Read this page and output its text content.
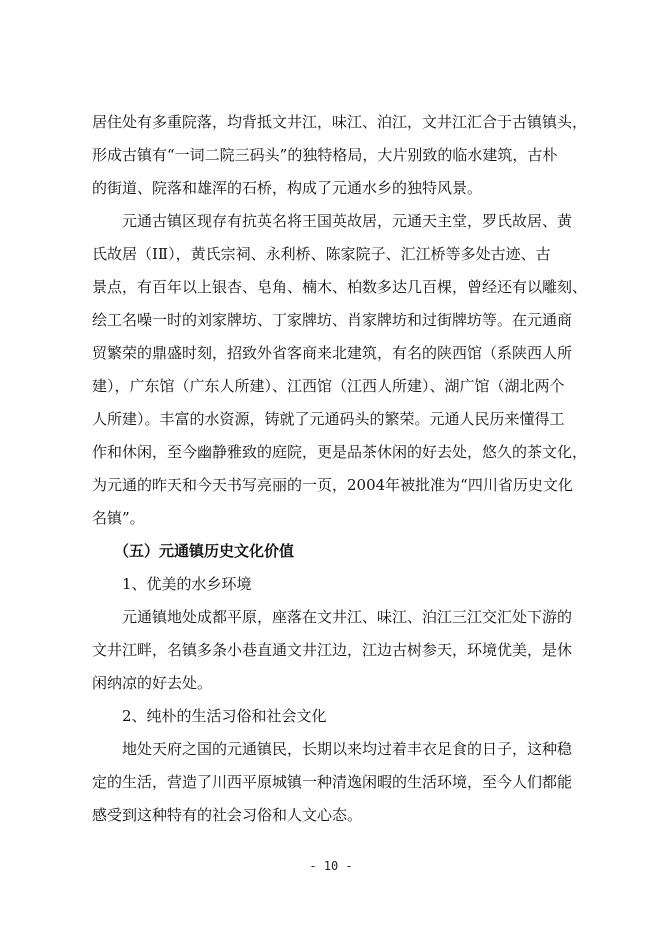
居住处有多重院落，均背抵文井江，味江、泊江，文井江汇合于古镇镇头，

形成古镇有“一词二院三码头”的独特格局，大片别致的临水建筑，古朴

的街道、院落和雄浑的石桥，构成了元通水乡的独特风景。

元通古镇区现存有抗英名将王国英故居，元通天主堂，罗氏故居、黄

氏故居（ⅠⅡ），黄氏宗祠、永利桥、陈家院子、汇江桥等多处古迹、古

景点，有百年以上银杏、皂角、楠木、柏数多达几百棵，曾经还有以雕刻、

绘工名噪一时的刘家牌坊、丁家牌坊、肖家牌坊和过街牌坊等。在元通商

贸繁荣的鼎盛时刻，招致外省客商来北建筑，有名的陕西馆（系陕西人所

建），广东馆（广东人所建）、江西馆（江西人所建）、湖广馆（湖北两个

人所建）。丰富的水资源，铸就了元通码头的繁荣。元通人民历来懂得工

作和休闲，至今幽静雅致的庭院，更是品茶休闲的好去处，悠久的茶文化，

为元通的昨天和今天书写亮丽的一页，2004年被批准为“四川省历史文化

名镇”。

（五）元通镇历史文化价值

1、优美的水乡环境

元通镇地处成都平原，座落在文井江、味江、泊江三江交汇处下游的

文井江畔，名镇多条小巷直通文井江边，江边古树参天，环境优美，是休

闲纳凉的好去处。

2、纯朴的生活习俗和社会文化

地处天府之国的元通镇民，长期以来均过着丰衣足食的日子，这种稳

定的生活，营造了川西平原城镇一种清逸闲暇的生活环境，至今人们都能

感受到这种特有的社会习俗和人文心态。

- 10 -
